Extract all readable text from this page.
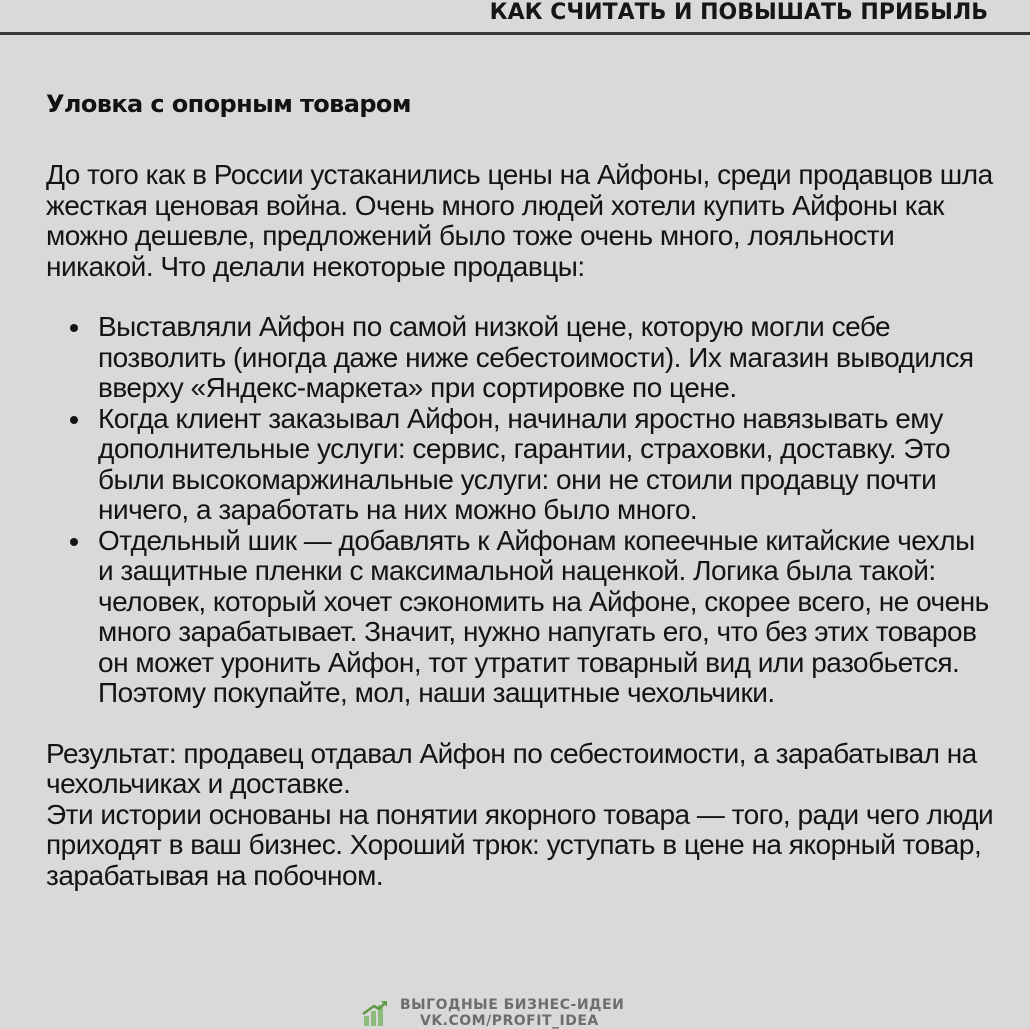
КАК СЧИТАТЬ И ПОВЫШАТЬ ПРИБЫЛЬ
Уловка с опорным товаром

До того как в России устаканились цены на Айфоны, среди продавцов шла жесткая ценовая война. Очень много людей хотели купить Айфоны как можно дешевле, предложений было тоже очень много, лояльности никакой. Что делали некоторые продавцы:

Выставляли Айфон по самой низкой цене, которую могли себе позволить (иногда даже ниже себестоимости). Их магазин выводился вверху «Яндекс-маркета» при сортировке по цене.
Когда клиент заказывал Айфон, начинали яростно навязывать ему дополнительные услуги: сервис, гарантии, страховки, доставку. Это были высокомаржинальные услуги: они не стоили продавцу почти ничего, а заработать на них можно было много.
Отдельный шик — добавлять к Айфонам копеечные китайские чехлы и защитные пленки с максимальной наценкой. Логика была такой: человек, который хочет сэкономить на Айфоне, скорее всего, не очень много зарабатывает. Значит, нужно напугать его, что без этих товаров он может уронить Айфон, тот утратит товарный вид или разобьется. Поэтому покупайте, мол, наши защитные чехольчики.

Результат: продавец отдавал Айфон по себестоимости, а зарабатывал на чехольчиках и доставке.

Эти истории основаны на понятии якорного товара — того, ради чего люди приходят в ваш бизнес. Хороший трюк: уступать в цене на якорный товар, зарабатывая на побочном.

ВЫГОДНЫЕ БИЗНЕС-ИДЕИ
VK.COM/PROFIT_IDEA
